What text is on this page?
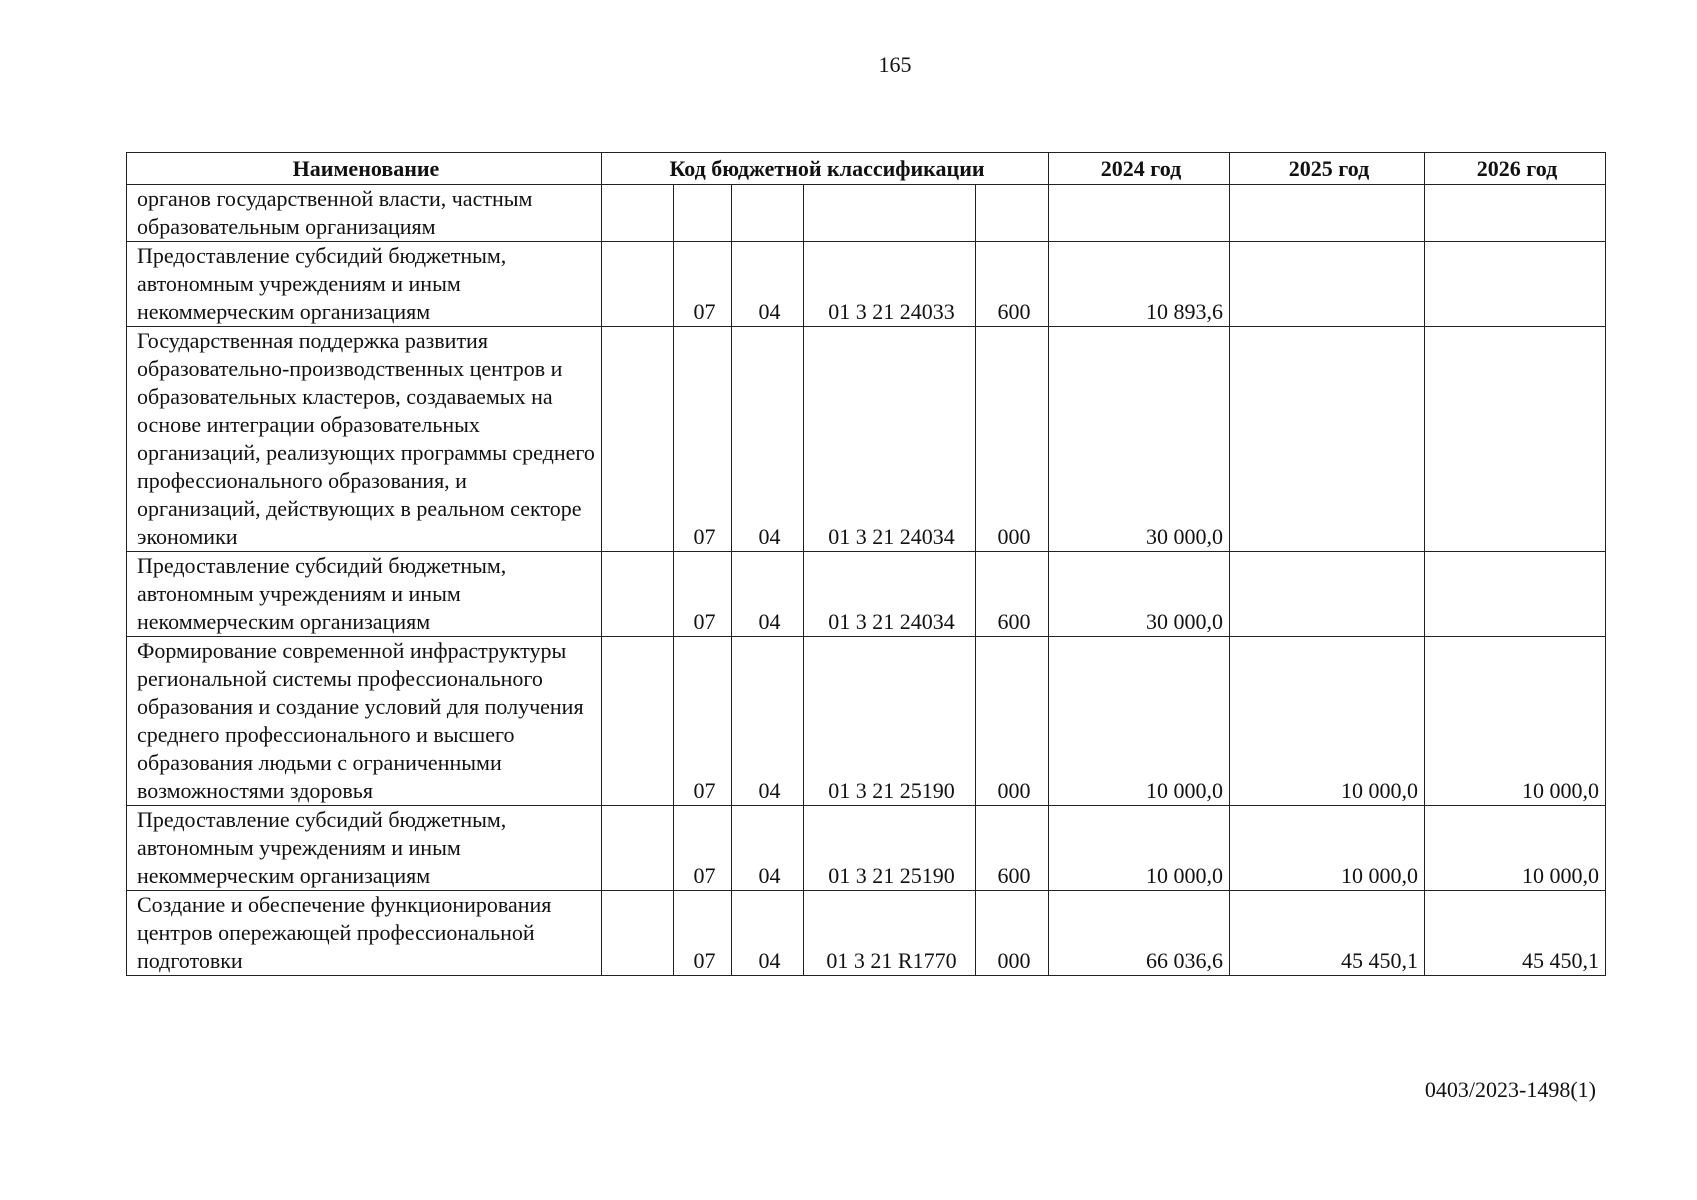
165
Наименование	Код бюджетной классификации					2024 год	2025 год	2026 год
органов государственной власти, частным образовательным организациям								
Предоставление субсидий бюджетным, автономным учреждениям и иным некоммерческим организациям		07	04	01 3 21 24033	600	10 893,6		
Государственная поддержка развития образовательно-производственных центров и образовательных кластеров, создаваемых на основе интеграции образовательных организаций, реализующих программы среднего профессионального образования, и организаций, действующих в реальном секторе экономики		07	04	01 3 21 24034	000	30 000,0		
Предоставление субсидий бюджетным, автономным учреждениям и иным некоммерческим организациям		07	04	01 3 21 24034	600	30 000,0		
Формирование современной инфраструктуры региональной системы профессионального образования и создание условий для получения среднего профессионального и высшего образования людьми с ограниченными возможностями здоровья		07	04	01 3 21 25190	000	10 000,0	10 000,0	10 000,0
Предоставление субсидий бюджетным, автономным учреждениям и иным некоммерческим организациям		07	04	01 3 21 25190	600	10 000,0	10 000,0	10 000,0
Создание и обеспечение функционирования центров опережающей профессиональной подготовки		07	04	01 3 21 R1770	000	66 036,6	45 450,1	45 450,1
0403/2023-1498(1)
